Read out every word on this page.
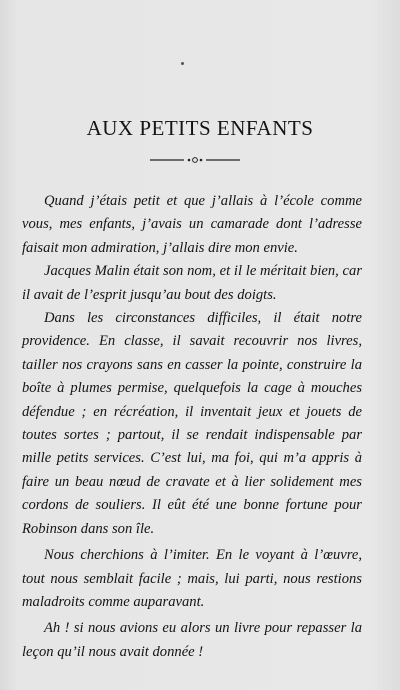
AUX PETITS ENFANTS

Quand j’étais petit et que j’allais à l’école comme vous, mes enfants, j’avais un camarade dont l’adresse faisait mon admiration, j’allais dire mon envie.

Jacques Malin était son nom, et il le méritait bien, car il avait de l’esprit jusqu’au bout des doigts.

Dans les circonstances difficiles, il était notre providence. En classe, il savait recouvrir nos livres, tailler nos crayons sans en casser la pointe, construire la boîte à plumes permise, quelquefois la cage à mouches défendue ; en récréation, il inventait jeux et jouets de toutes sortes ; partout, il se rendait indispensable par mille petits services. C’est lui, ma foi, qui m’a appris à faire un beau nœud de cravate et à lier solidement mes cordons de souliers. Il eût été une bonne fortune pour Robinson dans son île.

Nous cherchions à l’imiter. En le voyant à l’œuvre, tout nous semblait facile ; mais, lui parti, nous restions maladroits comme auparavant.

Ah ! si nous avions eu alors un livre pour repasser la leçon qu’il nous avait donnée !
